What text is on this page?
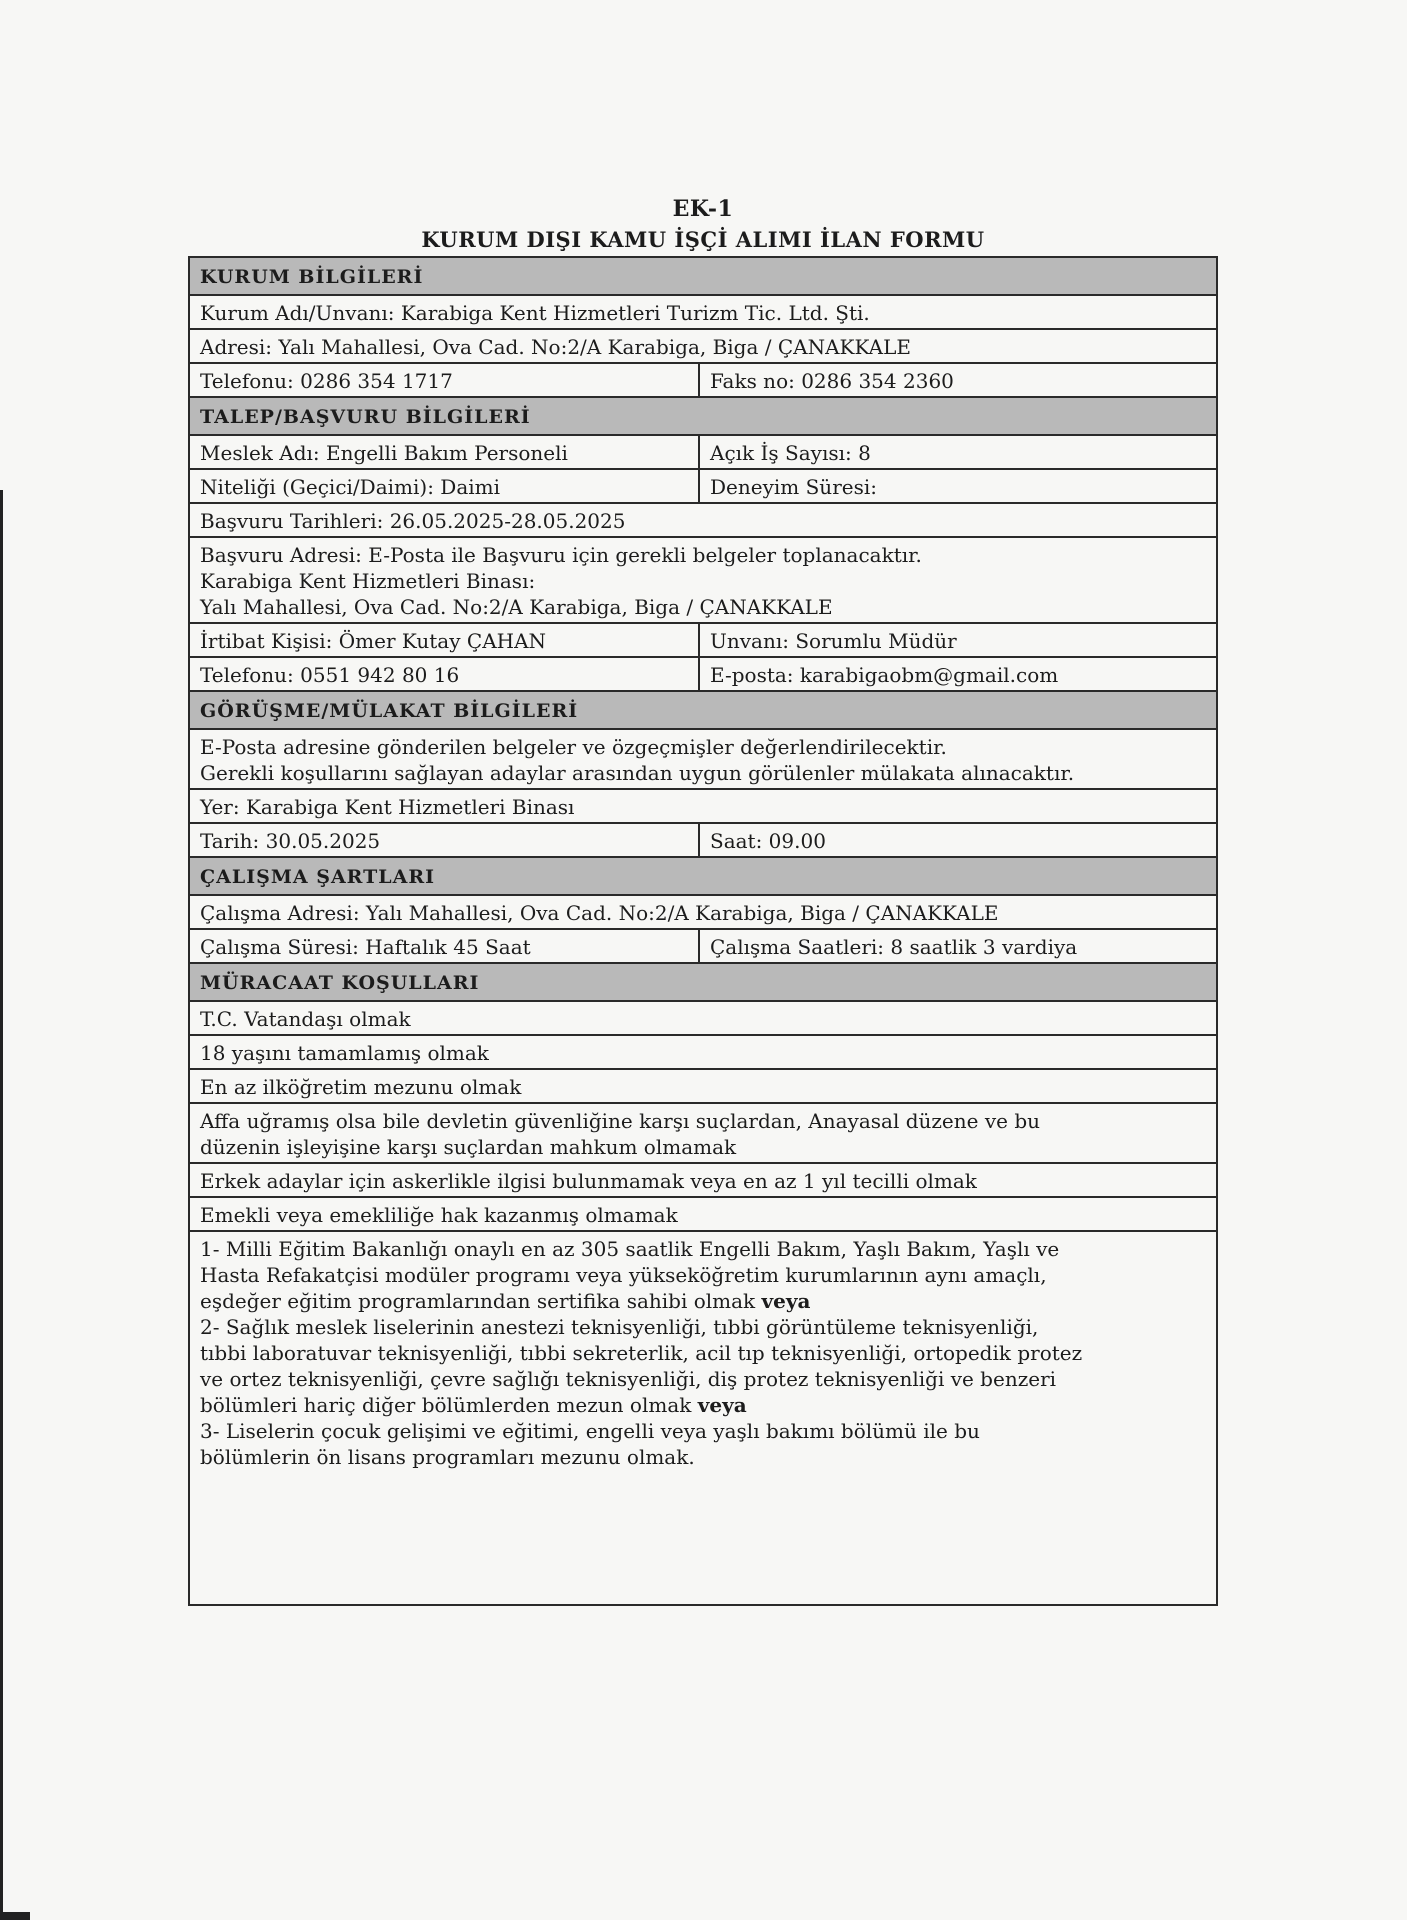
EK-1
KURUM DIŞI KAMU İŞÇİ ALIMI İLAN FORMU
KURUM BİLGİLERİ
Kurum Adı/Unvanı: Karabiga Kent Hizmetleri Turizm Tic. Ltd. Şti.
Adresi: Yalı Mahallesi, Ova Cad. No:2/A Karabiga, Biga / ÇANAKKALE
Telefonu: 0286 354 1717	Faks no: 0286 354 2360
TALEP/BAŞVURU BİLGİLERİ
Meslek Adı: Engelli Bakım Personeli	Açık İş Sayısı: 8
Niteliği (Geçici/Daimi): Daimi	Deneyim Süresi:
Başvuru Tarihleri: 26.05.2025-28.05.2025
Başvuru Adresi: E-Posta ile Başvuru için gerekli belgeler toplanacaktır.
Karabiga Kent Hizmetleri Binası:
Yalı Mahallesi, Ova Cad. No:2/A Karabiga, Biga / ÇANAKKALE
İrtibat Kişisi: Ömer Kutay ÇAHAN	Unvanı: Sorumlu Müdür
Telefonu: 0551 942 80 16	E-posta: karabigaobm@gmail.com
GÖRÜŞME/MÜLAKAT BİLGİLERİ
E-Posta adresine gönderilen belgeler ve özgeçmişler değerlendirilecektir.
Gerekli koşullarını sağlayan adaylar arasından uygun görülenler mülakata alınacaktır.
Yer: Karabiga Kent Hizmetleri Binası
Tarih: 30.05.2025	Saat: 09.00
ÇALIŞMA ŞARTLARI
Çalışma Adresi: Yalı Mahallesi, Ova Cad. No:2/A Karabiga, Biga / ÇANAKKALE
Çalışma Süresi: Haftalık 45 Saat	Çalışma Saatleri: 8 saatlik 3 vardiya
MÜRACAAT KOŞULLARI
T.C. Vatandaşı olmak
18 yaşını tamamlamış olmak
En az ilköğretim mezunu olmak
Affa uğramış olsa bile devletin güvenliğine karşı suçlardan, Anayasal düzene ve bu
düzenin işleyişine karşı suçlardan mahkum olmamak
Erkek adaylar için askerlikle ilgisi bulunmamak veya en az 1 yıl tecilli olmak
Emekli veya emekliliğe hak kazanmış olmamak
1- Milli Eğitim Bakanlığı onaylı en az 305 saatlik Engelli Bakım, Yaşlı Bakım, Yaşlı ve
Hasta Refakatçisi modüler programı veya yükseköğretim kurumlarının aynı amaçlı,
eşdeğer eğitim programlarından sertifika sahibi olmak veya
2- Sağlık meslek liselerinin anestezi teknisyenliği, tıbbi görüntüleme teknisyenliği,
tıbbi laboratuvar teknisyenliği, tıbbi sekreterlik, acil tıp teknisyenliği, ortopedik protez
ve ortez teknisyenliği, çevre sağlığı teknisyenliği, diş protez teknisyenliği ve benzeri
bölümleri hariç diğer bölümlerden mezun olmak veya
3- Liselerin çocuk gelişimi ve eğitimi, engelli veya yaşlı bakımı bölümü ile bu
bölümlerin ön lisans programları mezunu olmak.
